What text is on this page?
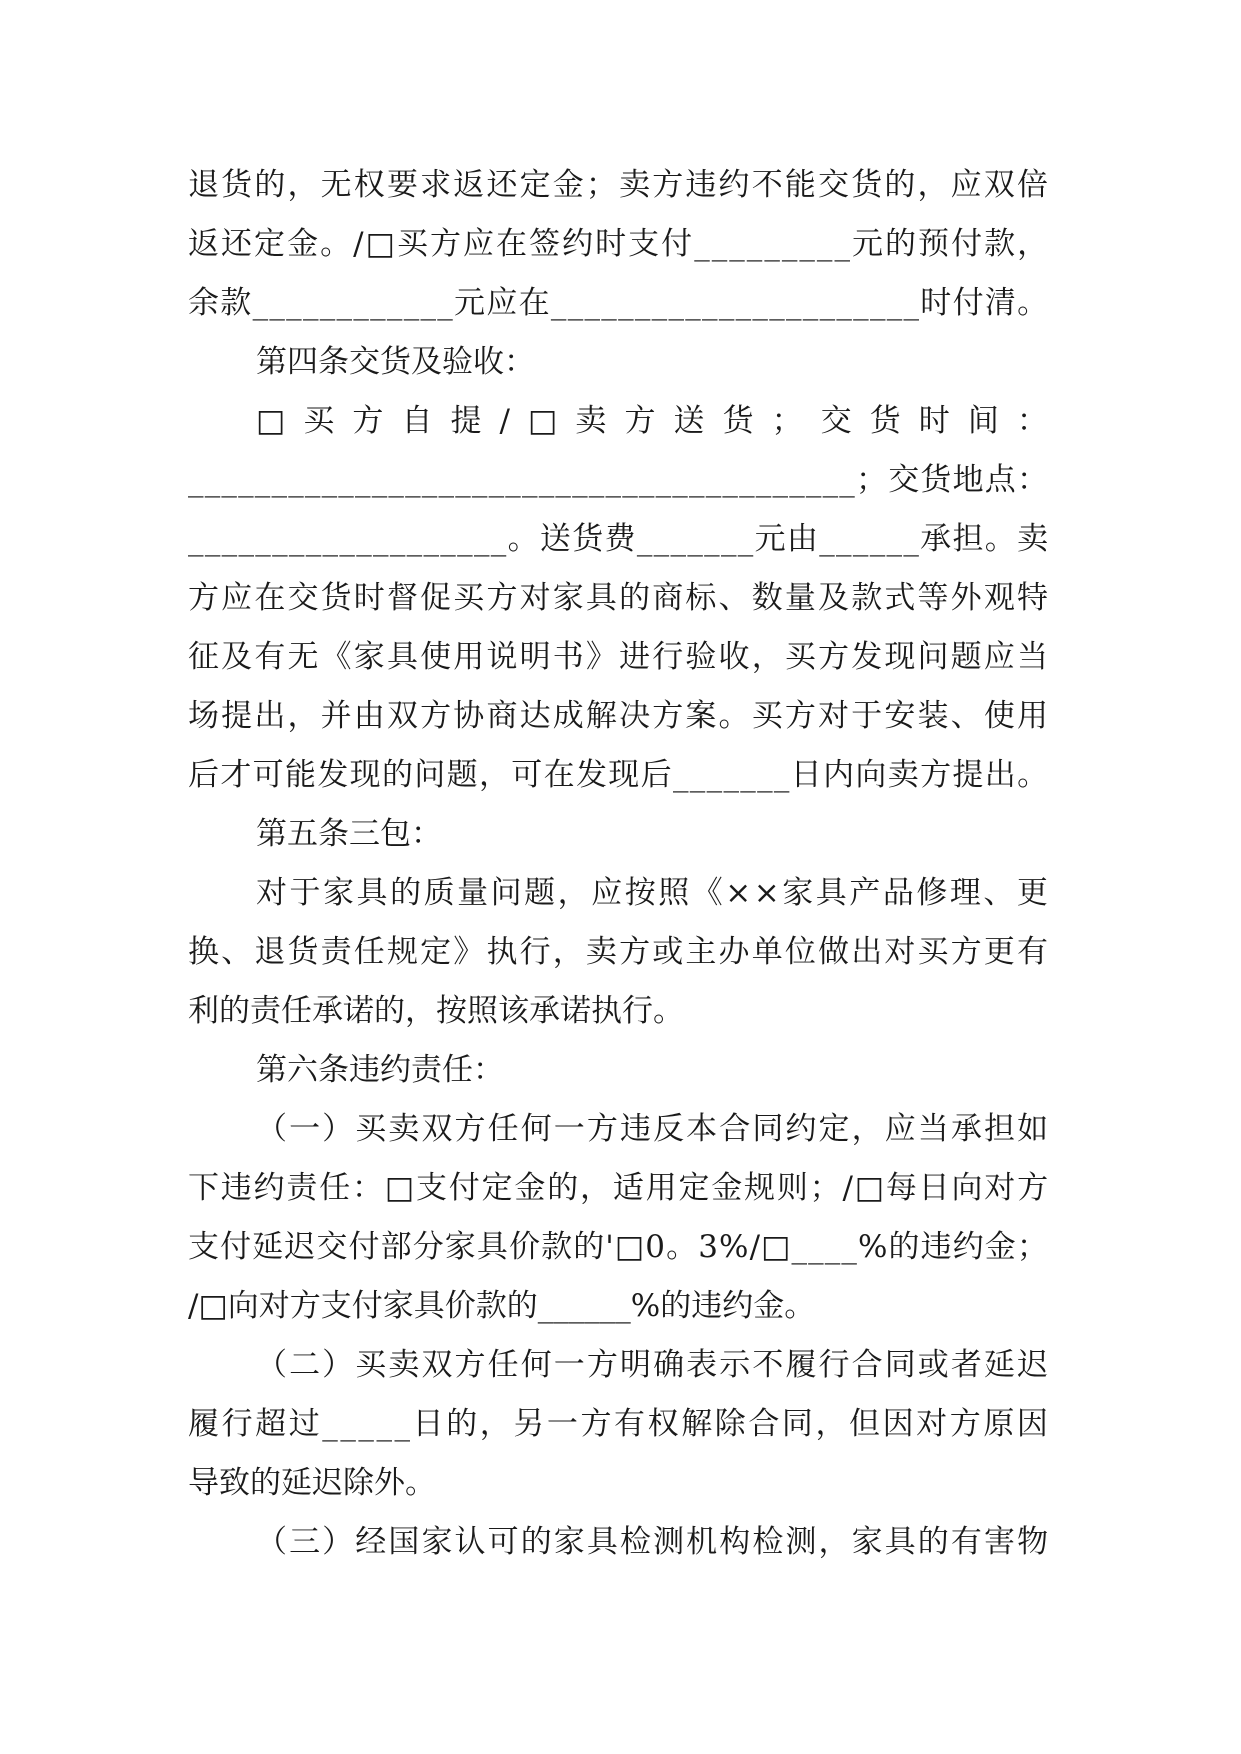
退货的，无权要求返还定金；卖方违约不能交货的，应双倍
返还定金。/□买方应在签约时支付_________元的预付款，
余款____________元应在______________________时付清。
第四条交货及验收：
□ 买 方 自 提 / □ 卖 方 送 货 ； 交 货 时 间 ：
________________________________________；交货地点：
___________________。送货费_______元由______承担。卖
方应在交货时督促买方对家具的商标、数量及款式等外观特
征及有无《家具使用说明书》进行验收，买方发现问题应当
场提出，并由双方协商达成解决方案。买方对于安装、使用
后才可能发现的问题，可在发现后_______日内向卖方提出。
第五条三包：
对于家具的质量问题，应按照《××家具产品修理、更
换、退货责任规定》执行，卖方或主办单位做出对买方更有
利的责任承诺的，按照该承诺执行。
第六条违约责任：
（一）买卖双方任何一方违反本合同约定，应当承担如
下违约责任：□支付定金的，适用定金规则；/□每日向对方
支付延迟交付部分家具价款的'□0。3%/□____%的违约金；
/□向对方支付家具价款的______%的违约金。
（二）买卖双方任何一方明确表示不履行合同或者延迟
履行超过_____日的，另一方有权解除合同，但因对方原因
导致的延迟除外。
（三）经国家认可的家具检测机构检测，家具的有害物
